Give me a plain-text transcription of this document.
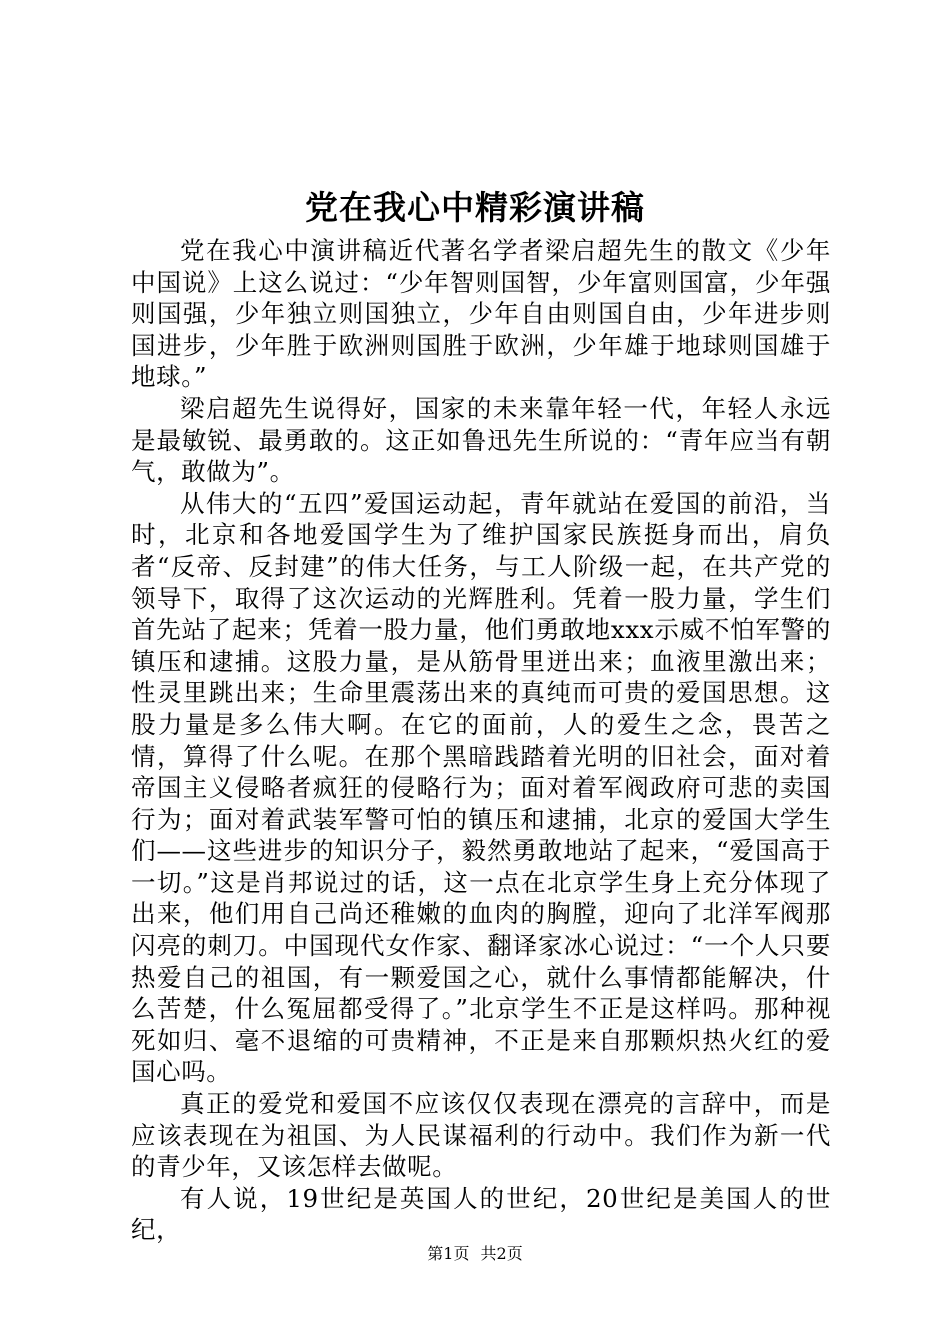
党在我心中精彩演讲稿

党在我心中演讲稿近代著名学者梁启超先生的散文《少年中国说》上这么说过：“少年智则国智，少年富则国富，少年强则国强，少年独立则国独立，少年自由则国自由，少年进步则国进步，少年胜于欧洲则国胜于欧洲，少年雄于地球则国雄于地球。”

梁启超先生说得好，国家的未来靠年轻一代，年轻人永远是最敏锐、最勇敢的。这正如鲁迅先生所说的：“青年应当有朝气，敢做为”。

从伟大的“五四”爱国运动起，青年就站在爱国的前沿，当时，北京和各地爱国学生为了维护国家民族挺身而出，肩负者“反帝、反封建”的伟大任务，与工人阶级一起，在共产党的领导下，取得了这次运动的光辉胜利。凭着一股力量，学生们首先站了起来；凭着一股力量，他们勇敢地xxx示威不怕军警的镇压和逮捕。这股力量，是从筋骨里迸出来；血液里激出来；性灵里跳出来；生命里震荡出来的真纯而可贵的爱国思想。这股力量是多么伟大啊。在它的面前，人的爱生之念，畏苦之情，算得了什么呢。在那个黑暗践踏着光明的旧社会，面对着帝国主义侵略者疯狂的侵略行为；面对着军阀政府可悲的卖国行为；面对着武装军警可怕的镇压和逮捕，北京的爱国大学生们——这些进步的知识分子，毅然勇敢地站了起来，“爱国高于一切。”这是肖邦说过的话，这一点在北京学生身上充分体现了出来，他们用自己尚还稚嫩的血肉的胸膛，迎向了北洋军阀那闪亮的刺刀。中国现代女作家、翻译家冰心说过：“一个人只要热爱自己的祖国，有一颗爱国之心，就什么事情都能解决，什么苦楚，什么冤屈都受得了。”北京学生不正是这样吗。那种视死如归、毫不退缩的可贵精神，不正是来自那颗炽热火红的爱国心吗。

真正的爱党和爱国不应该仅仅表现在漂亮的言辞中，而是应该表现在为祖国、为人民谋福利的行动中。我们作为新一代的青少年，又该怎样去做呢。

有人说，19世纪是英国人的世纪，20世纪是美国人的世纪，

第1页 共2页
